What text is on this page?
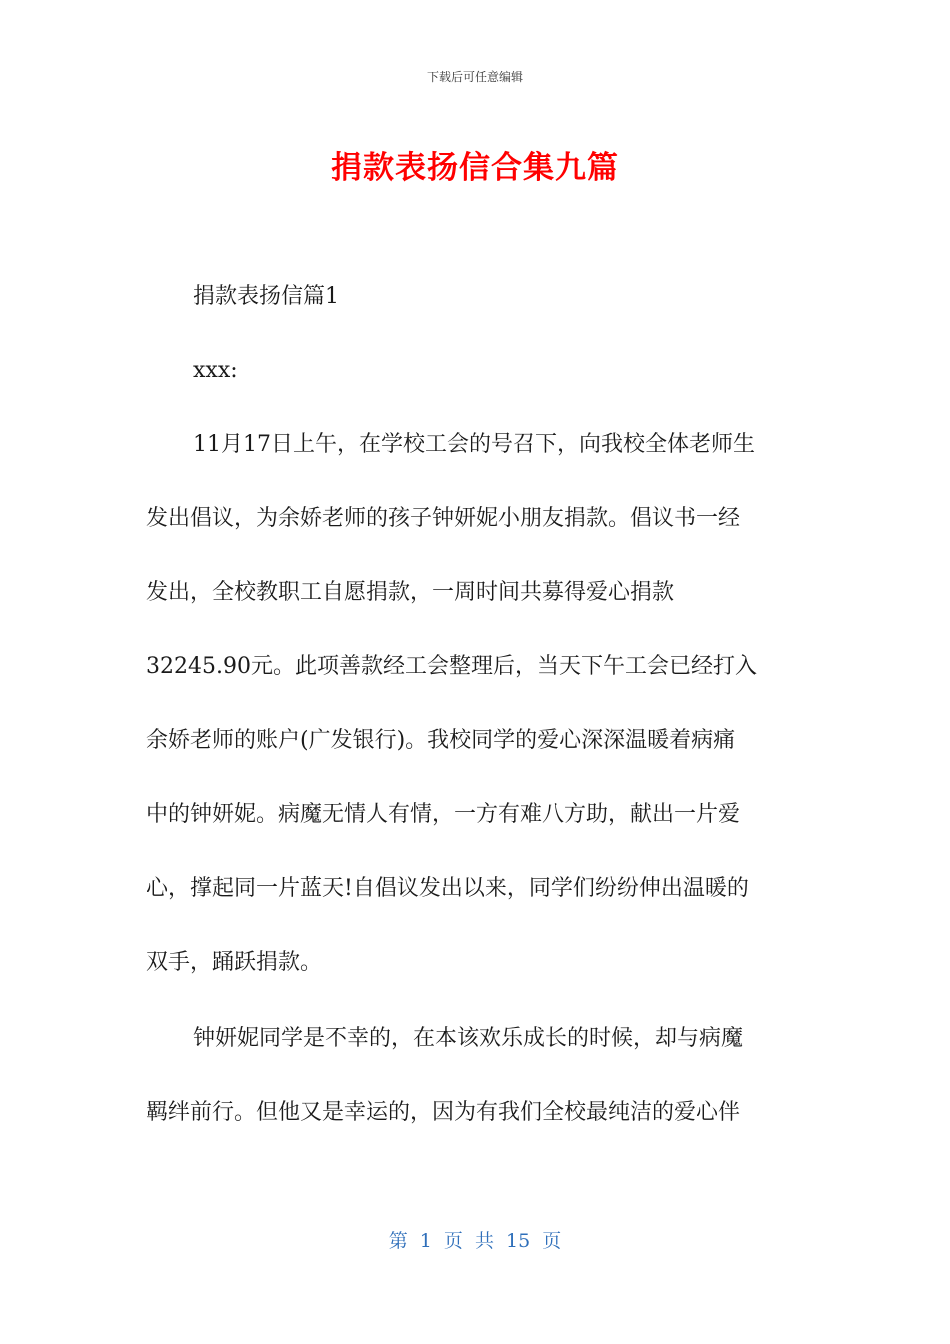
下载后可任意编辑
捐款表扬信合集九篇
捐款表扬信篇1
xxx:
11月17日上午，在学校工会的号召下，向我校全体老师生
发出倡议，为余娇老师的孩子钟妍妮小朋友捐款。倡议书一经
发出，全校教职工自愿捐款，一周时间共募得爱心捐款
32245.90元。此项善款经工会整理后，当天下午工会已经打入
余娇老师的账户(广发银行)。我校同学的爱心深深温暖着病痛
中的钟妍妮。病魔无情人有情，一方有难八方助，献出一片爱
心，撑起同一片蓝天!自倡议发出以来，同学们纷纷伸出温暖的
双手，踊跃捐款。
钟妍妮同学是不幸的，在本该欢乐成长的时候，却与病魔
羁绊前行。但他又是幸运的，因为有我们全校最纯洁的爱心伴
第 1 页 共 15 页
